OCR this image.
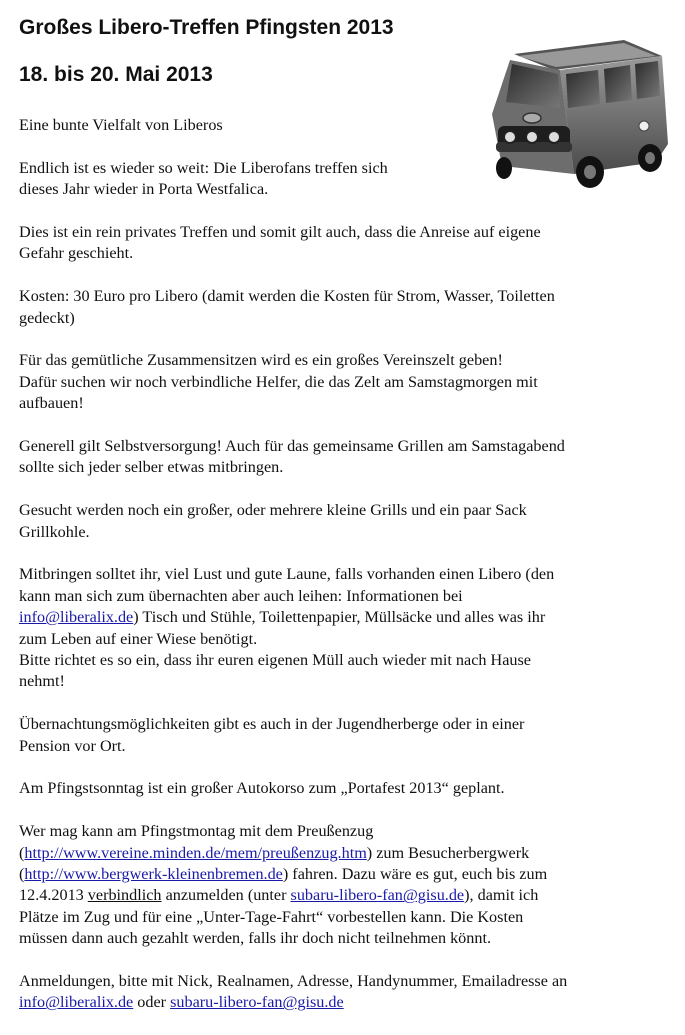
Großes Libero-Treffen Pfingsten 2013
18. bis 20. Mai 2013

Eine bunte Vielfalt von Liberos

Endlich ist es wieder so weit: Die Liberofans treffen sich
dieses Jahr wieder in Porta Westfalica.

Dies ist ein rein privates Treffen und somit gilt auch, dass die Anreise auf eigene
Gefahr geschieht.

Kosten: 30 Euro pro Libero (damit werden die Kosten für Strom, Wasser, Toiletten
gedeckt)

Für das gemütliche Zusammensitzen wird es ein großes Vereinszelt geben!
Dafür suchen wir noch verbindliche Helfer, die das Zelt am Samstagmorgen mit
aufbauen!

Generell gilt Selbstversorgung! Auch für das gemeinsame Grillen am Samstagabend
sollte sich jeder selber etwas mitbringen.

Gesucht werden noch ein großer, oder mehrere kleine Grills und ein paar Sack
Grillkohle.

Mitbringen solltet ihr, viel Lust und gute Laune, falls vorhanden einen Libero (den
kann man sich zum übernachten aber auch leihen: Informationen bei
info@liberalix.de) Tisch und Stühle, Toilettenpapier, Müllsäcke und alles was ihr
zum Leben auf einer Wiese benötigt.
Bitte richtet es so ein, dass ihr euren eigenen Müll auch wieder mit nach Hause
nehmt!

Übernachtungsmöglichkeiten gibt es auch in der Jugendherberge oder in einer
Pension vor Ort.

Am Pfingstsonntag ist ein großer Autokorso zum „Portafest 2013“ geplant.

Wer mag kann am Pfingstmontag mit dem Preußenzug
(http://www.vereine.minden.de/mem/preußenzug.htm) zum Besucherbergwerk
(http://www.bergwerk-kleinenbremen.de) fahren. Dazu wäre es gut, euch bis zum
12.4.2013 verbindlich anzumelden (unter subaru-libero-fan@gisu.de), damit ich
Plätze im Zug und für eine „Unter-Tage-Fahrt“ vorbestellen kann. Die Kosten
müssen dann auch gezahlt werden, falls ihr doch nicht teilnehmen könnt.

Anmeldungen, bitte mit Nick, Realnamen, Adresse, Handynummer, Emailadresse an
info@liberalix.de oder subaru-libero-fan@gisu.de
